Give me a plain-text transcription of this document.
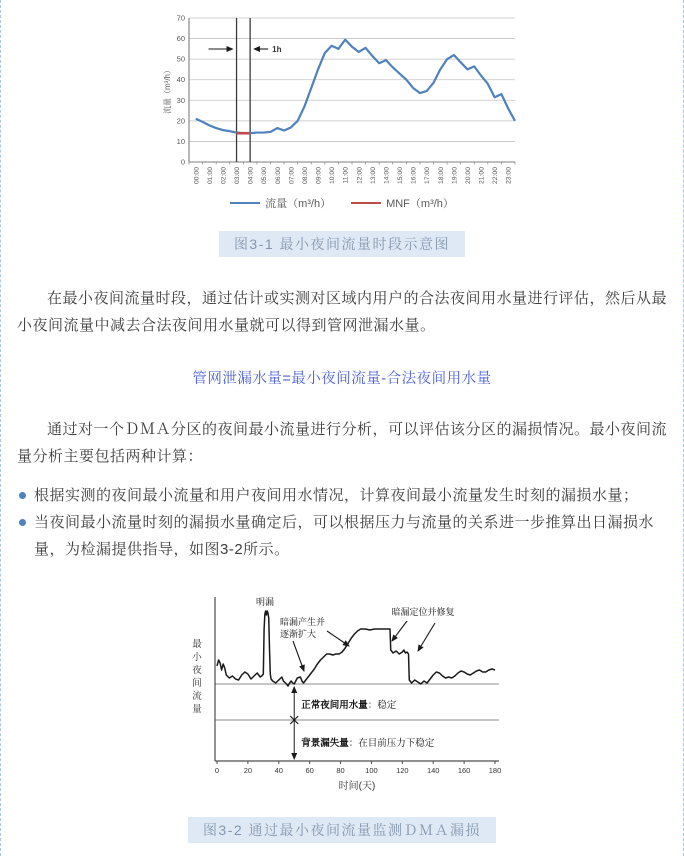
0
10
20
30
40
50
60
70
00:00 01:00 02:00 03:00 04:00 05:00 06:00 07:00 08:00 09:00 10:00 11:00 12:00 13:00 14:00 15:00 16:00 17:00 18:00 19:00 20:00 21:00 22:00 23:00
流量（m³/h）
1h
流量（m³/h）	MNF（m³/h）
图3-1 最小夜间流量时段示意图

在最小夜间流量时段，通过估计或实测对区域内用户的合法夜间用水量进行评估，然后从最小夜间流量中减去合法夜间用水量就可以得到管网泄漏水量。

管网泄漏水量=最小夜间流量-合法夜间用水量

通过对一个ＤＭＡ分区的夜间最小流量进行分析，可以评估该分区的漏损情况。最小夜间流量分析主要包括两种计算：

根据实测的夜间最小流量和用户夜间用水情况，计算夜间最小流量发生时刻的漏损水量；
当夜间最小流量时刻的漏损水量确定后，可以根据压力与流量的关系进一步推算出日漏损水量，为检漏提供指导，如图3-2所示。
0	20	40	60	80	100 120 140 160 180
时间(天)
最
小
夜
间
流
量	正常夜间用水量：稳定
背景漏失量：在目前压力下稳定
明漏
暗漏产生并
逐渐扩大
暗漏定位并修复
图3-2 通过最小夜间流量监测ＤＭＡ漏损
